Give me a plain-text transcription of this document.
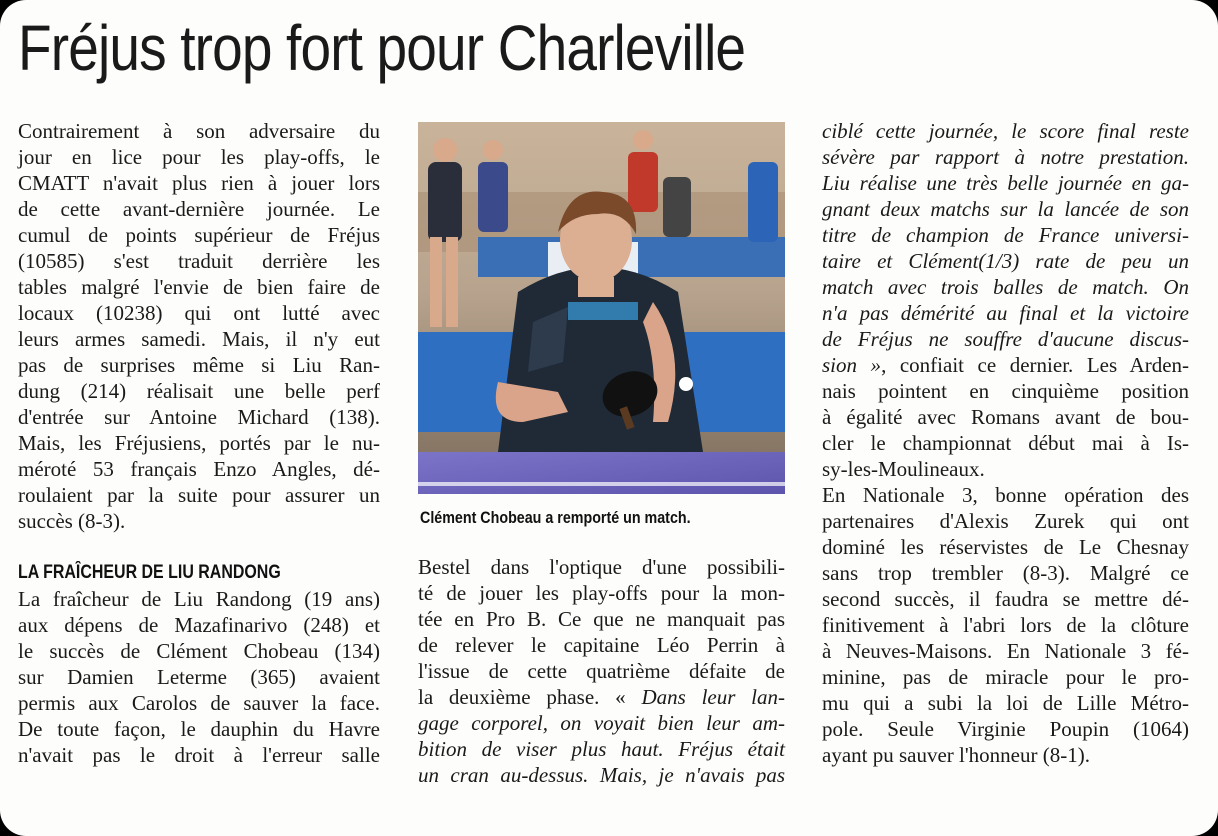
Fréjus trop fort pour Charleville

Contrairement à son adversaire du

jour en lice pour les play-offs, le

CMATT n'avait plus rien à jouer lors

de cette avant-dernière journée. Le

cumul de points supérieur de Fréjus

(10585) s'est traduit derrière les

tables malgré l'envie de bien faire de

locaux (10238) qui ont lutté avec

leurs armes samedi. Mais, il n'y eut

pas de surprises même si Liu Ran-

dung (214) réalisait une belle perf

d'entrée sur Antoine Michard (138).

Mais, les Fréjusiens, portés par le nu-

méroté 53 français Enzo Angles, dé-

roulaient par la suite pour assurer un

succès (8-3).

LA FRAÎCHEUR DE LIU RANDONG

La fraîcheur de Liu Randong (19 ans)

aux dépens de Mazafinarivo (248) et

le succès de Clément Chobeau (134)

sur Damien Leterme (365) avaient

permis aux Carolos de sauver la face.

De toute façon, le dauphin du Havre

n'avait pas le droit à l'erreur salle

Clément Chobeau a remporté un match.

Bestel dans l'optique d'une possibili-

té de jouer les play-offs pour la mon-

tée en Pro B. Ce que ne manquait pas

de relever le capitaine Léo Perrin à

l'issue de cette quatrième défaite de

la deuxième phase. « Dans leur lan-

gage corporel, on voyait bien leur am-

bition de viser plus haut. Fréjus était

un cran au-dessus. Mais, je n'avais pas

ciblé cette journée, le score final reste

sévère par rapport à notre prestation.

Liu réalise une très belle journée en ga-

gnant deux matchs sur la lancée de son

titre de champion de France universi-

taire et Clément(1/3) rate de peu un

match avec trois balles de match. On

n'a pas démérité au final et la victoire

de Fréjus ne souffre d'aucune discus-

sion », confiait ce dernier. Les Arden-

nais pointent en cinquième position

à égalité avec Romans avant de bou-

cler le championnat début mai à Is-

sy-les-Moulineaux.

En Nationale 3, bonne opération des

partenaires d'Alexis Zurek qui ont

dominé les réservistes de Le Chesnay

sans trop trembler (8-3). Malgré ce

second succès, il faudra se mettre dé-

finitivement à l'abri lors de la clôture

à Neuves-Maisons. En Nationale 3 fé-

minine, pas de miracle pour le pro-

mu qui a subi la loi de Lille Métro-

pole. Seule Virginie Poupin (1064)

ayant pu sauver l'honneur (8-1).
